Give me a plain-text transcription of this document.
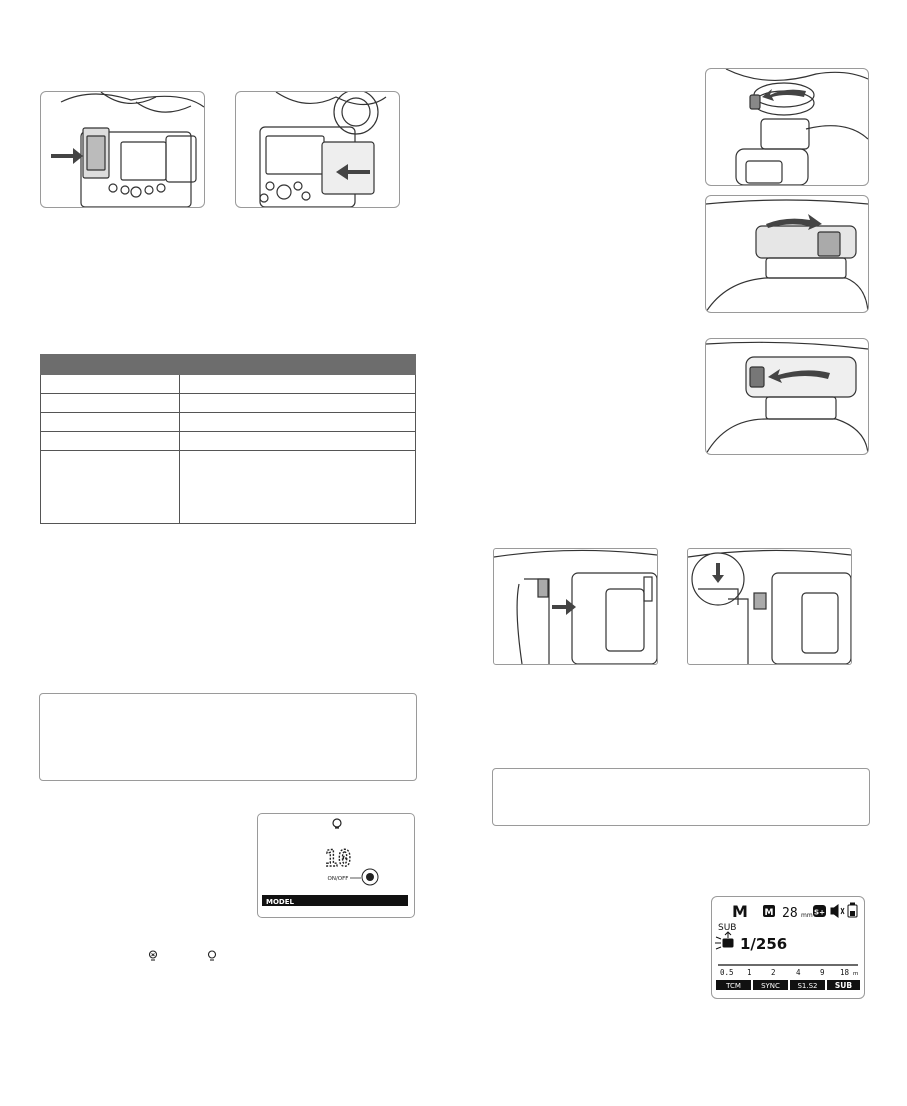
10
ON/OFF
MODEL	M M 28 mm S+
SUB
1/256
0.5 1	2	4	9 18 m
TCM	SYNC	S1.S2 SUB
